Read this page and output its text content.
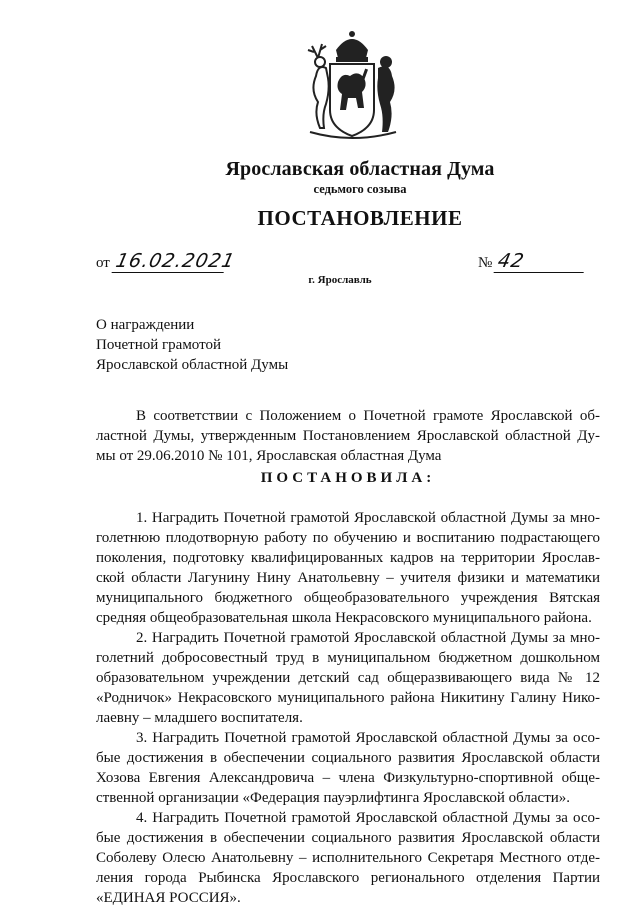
Ярославская областная Дума
седьмого созыва
ПОСТАНОВЛЕНИЕ
от 16.02.2021	№ 42
г. Ярославль
О награждении
Почетной грамотой
Ярославской областной Думы
В соответствии с Положением о Почетной грамоте Ярославской об-
ластной Думы, утвержденным Постановлением Ярославской областной Ду-
мы от 29.06.2010 № 101, Ярославская областная Дума
ПОСТАНОВИЛА:
1. Наградить Почетной грамотой Ярославской областной Думы за мно-
голетнюю плодотворную работу по обучению и воспитанию подрастающего
поколения, подготовку квалифицированных кадров на территории Ярослав-
ской области Лагунину Нину Анатольевну – учителя физики и математики
муниципального бюджетного общеобразовательного учреждения Вятская
средняя общеобразовательная школа Некрасовского муниципального района.
2. Наградить Почетной грамотой Ярославской областной Думы за мно-
голетний добросовестный труд в муниципальном бюджетном дошкольном
образовательном учреждении детский сад общеразвивающего вида № 12
«Родничок» Некрасовского муниципального района Никитину Галину Нико-
лаевну – младшего воспитателя.
3. Наградить Почетной грамотой Ярославской областной Думы за осо-
бые достижения в обеспечении социального развития Ярославской области
Хозова Евгения Александровича – члена Физкультурно-спортивной обще-
ственной организации «Федерация пауэрлифтинга Ярославской области».
4. Наградить Почетной грамотой Ярославской областной Думы за осо-
бые достижения в обеспечении социального развития Ярославской области
Соболеву Олесю Анатольевну – исполнительного Секретаря Местного отде-
ления города Рыбинска Ярославского регионального отделения Партии
«ЕДИНАЯ РОССИЯ».
